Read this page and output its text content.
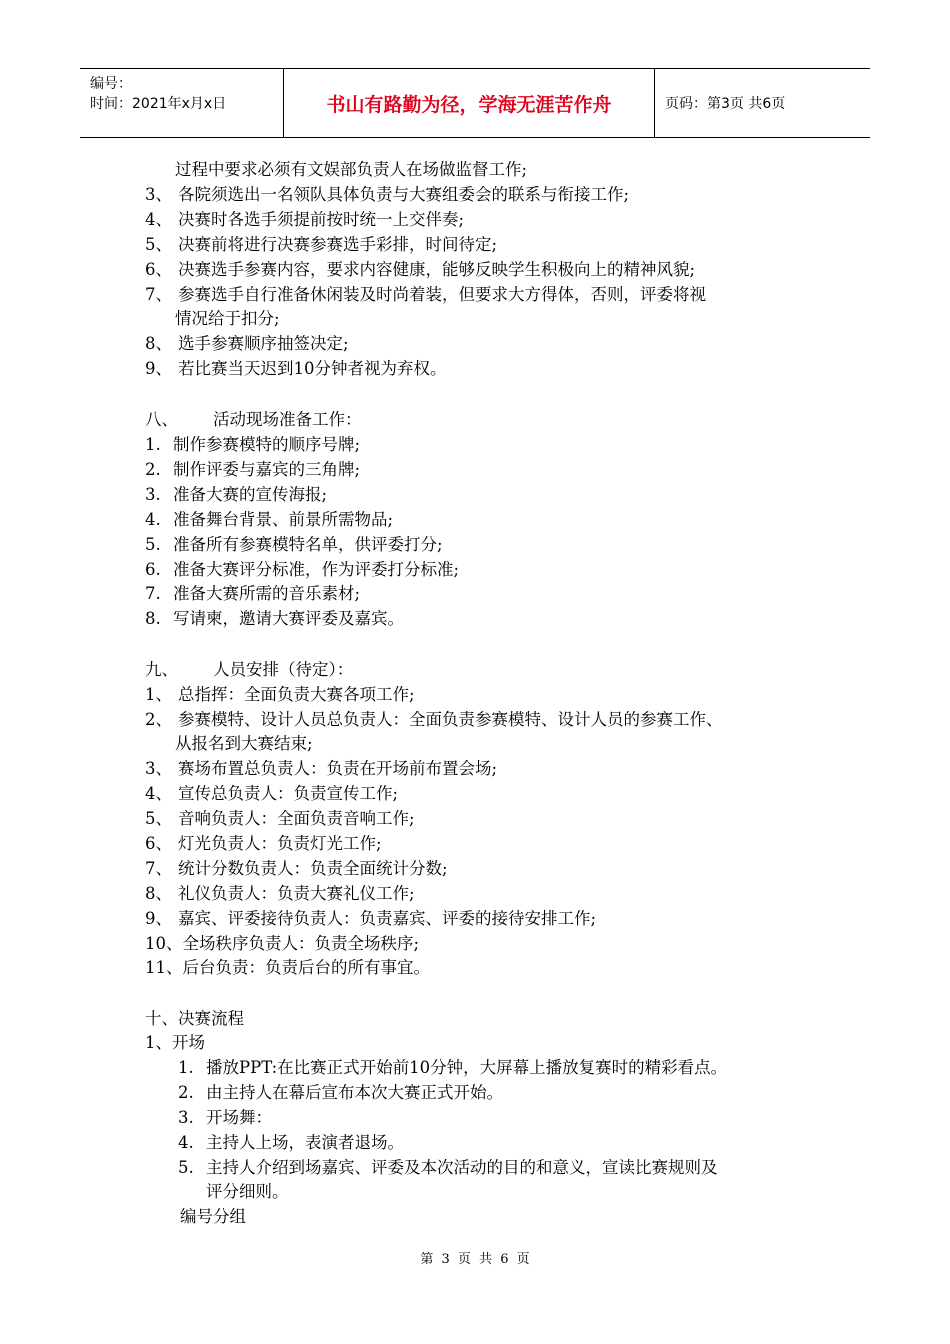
编号：
时间：2021年x月x日	书山有路勤为径，学海无涯苦作舟	页码：第3页 共6页
过程中要求必须有文娱部负责人在场做监督工作;
3、 各院须选出一名领队具体负责与大赛组委会的联系与衔接工作;
4、 决赛时各选手须提前按时统一上交伴奏;
5、 决赛前将进行决赛参赛选手彩排，时间待定;
6、 决赛选手参赛内容，要求内容健康，能够反映学生积极向上的精神风貌;
7、 参赛选手自行准备休闲装及时尚着装，但要求大方得体，否则，评委将视
情况给于扣分;
8、 选手参赛顺序抽签决定;
9、 若比赛当天迟到10分钟者视为弃权。
八、 活动现场准备工作：
1. 制作参赛模特的顺序号牌;
2. 制作评委与嘉宾的三角牌;
3. 准备大赛的宣传海报;
4. 准备舞台背景、前景所需物品;
5. 准备所有参赛模特名单，供评委打分;
6. 准备大赛评分标准，作为评委打分标准;
7. 准备大赛所需的音乐素材;
8. 写请柬，邀请大赛评委及嘉宾。
九、 人员安排（待定）：
1、 总指挥：全面负责大赛各项工作;
2、 参赛模特、设计人员总负责人：全面负责参赛模特、设计人员的参赛工作、
从报名到大赛结束;
3、 赛场布置总负责人：负责在开场前布置会场;
4、 宣传总负责人：负责宣传工作;
5、 音响负责人：全面负责音响工作;
6、 灯光负责人：负责灯光工作;
7、 统计分数负责人：负责全面统计分数;
8、 礼仪负责人：负责大赛礼仪工作;
9、 嘉宾、评委接待负责人：负责嘉宾、评委的接待安排工作;
10、全场秩序负责人：负责全场秩序;
11、后台负责：负责后台的所有事宜。
十、决赛流程
1、开场
1. 播放PPT:在比赛正式开始前10分钟，大屏幕上播放复赛时的精彩看点。
2. 由主持人在幕后宣布本次大赛正式开始。
3. 开场舞：
4. 主持人上场，表演者退场。
5. 主持人介绍到场嘉宾、评委及本次活动的目的和意义，宣读比赛规则及
评分细则。
编号分组
第 3 页 共 6 页
